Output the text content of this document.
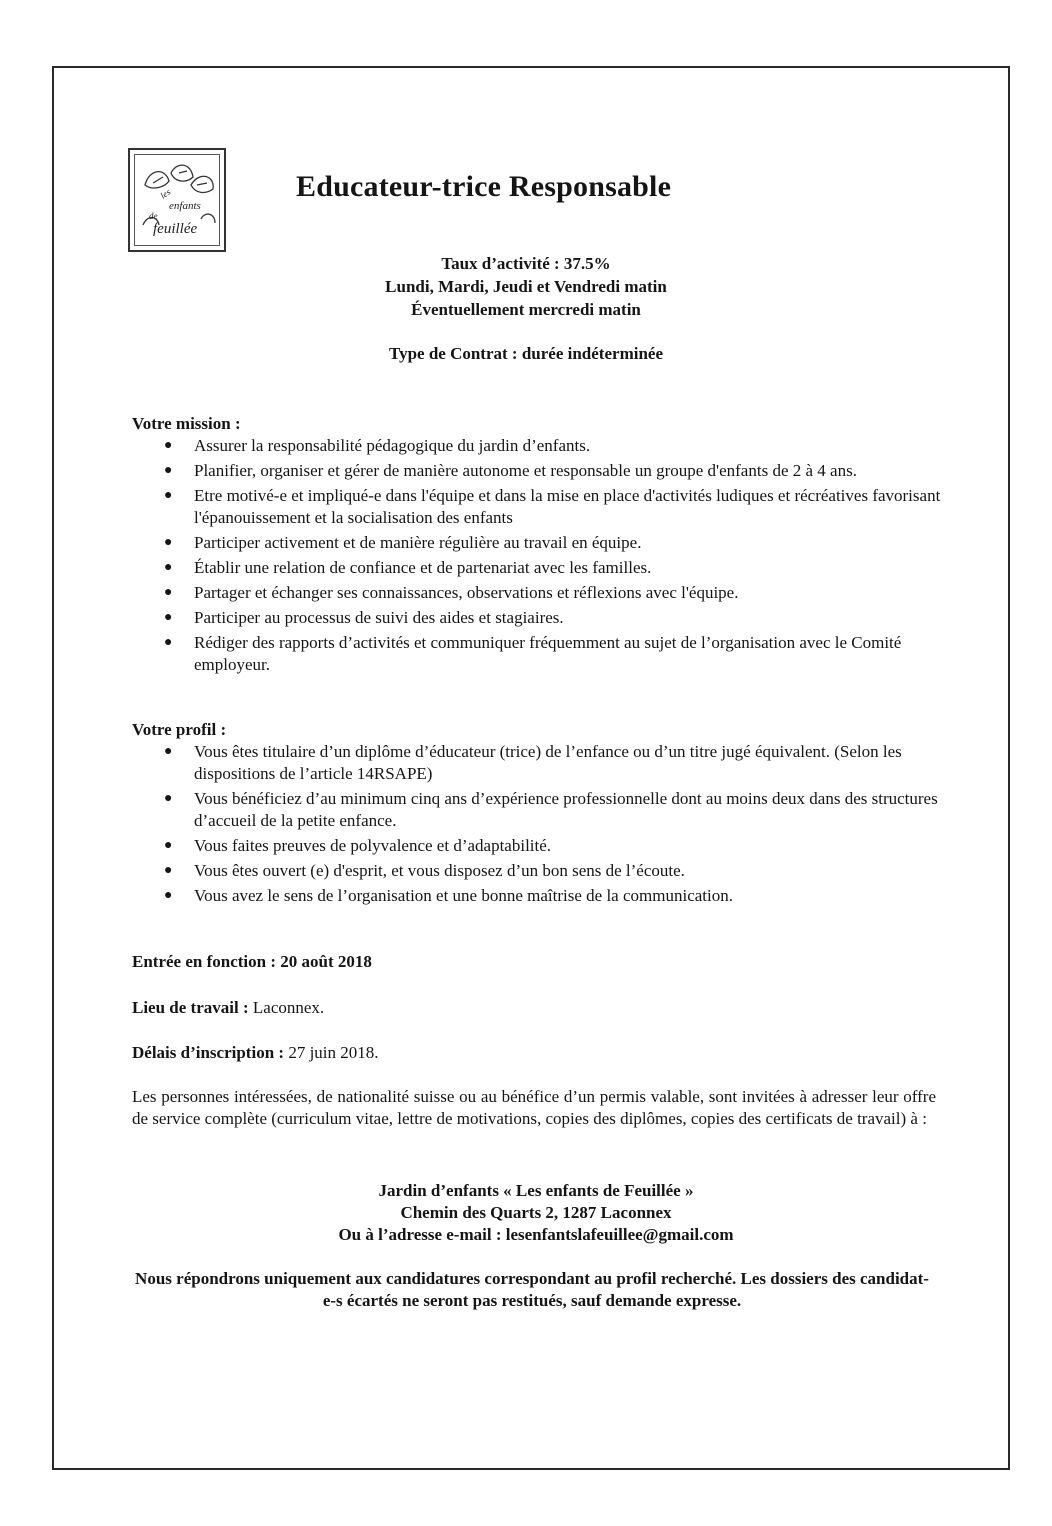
les
enfants
de
feuillée
Educateur-trice Responsable
Taux d’activité : 37.5%
Lundi, Mardi, Jeudi et Vendredi matin
Éventuellement mercredi matin
Type de Contrat : durée indéterminée
Votre mission :
● Assurer la responsabilité pédagogique du jardin d’enfants.
● Planifier, organiser et gérer de manière autonome et responsable un groupe d'enfants de 2 à 4 ans.
● Etre motivé-e et impliqué-e dans l'équipe et dans la mise en place d'activités ludiques et récréatives favorisant l'épanouissement et la socialisation des enfants
● Participer activement et de manière régulière au travail en équipe.
● Établir une relation de confiance et de partenariat avec les familles.
● Partager et échanger ses connaissances, observations et réflexions avec l'équipe.
● Participer au processus de suivi des aides et stagiaires.
● Rédiger des rapports d’activités et communiquer fréquemment au sujet de l’organisation avec le Comité employeur.
Votre profil :
● Vous êtes titulaire d’un diplôme d’éducateur (trice) de l’enfance ou d’un titre jugé équivalent. (Selon les dispositions de l’article 14RSAPE)
● Vous bénéficiez d’au minimum cinq ans d’expérience professionnelle dont au moins deux dans des structures d’accueil de la petite enfance.
● Vous faites preuves de polyvalence et d’adaptabilité.
● Vous êtes ouvert (e) d'esprit, et vous disposez d’un bon sens de l’écoute.
● Vous avez le sens de l’organisation et une bonne maîtrise de la communication.
Entrée en fonction : 20 août 2018
Lieu de travail : Laconnex.
Délais d’inscription : 27 juin 2018.
Les personnes intéressées, de nationalité suisse ou au bénéfice d’un permis valable, sont invitées à adresser leur offre de service complète (curriculum vitae, lettre de motivations, copies des diplômes, copies des certificats de travail) à :
Jardin d’enfants « Les enfants de Feuillée »
Chemin des Quarts 2, 1287 Laconnex
Ou à l’adresse e-mail : lesenfantslafeuillee@gmail.com
Nous répondrons uniquement aux candidatures correspondant au profil recherché. Les dossiers des candidat-e-s écartés ne seront pas restitués, sauf demande expresse.
